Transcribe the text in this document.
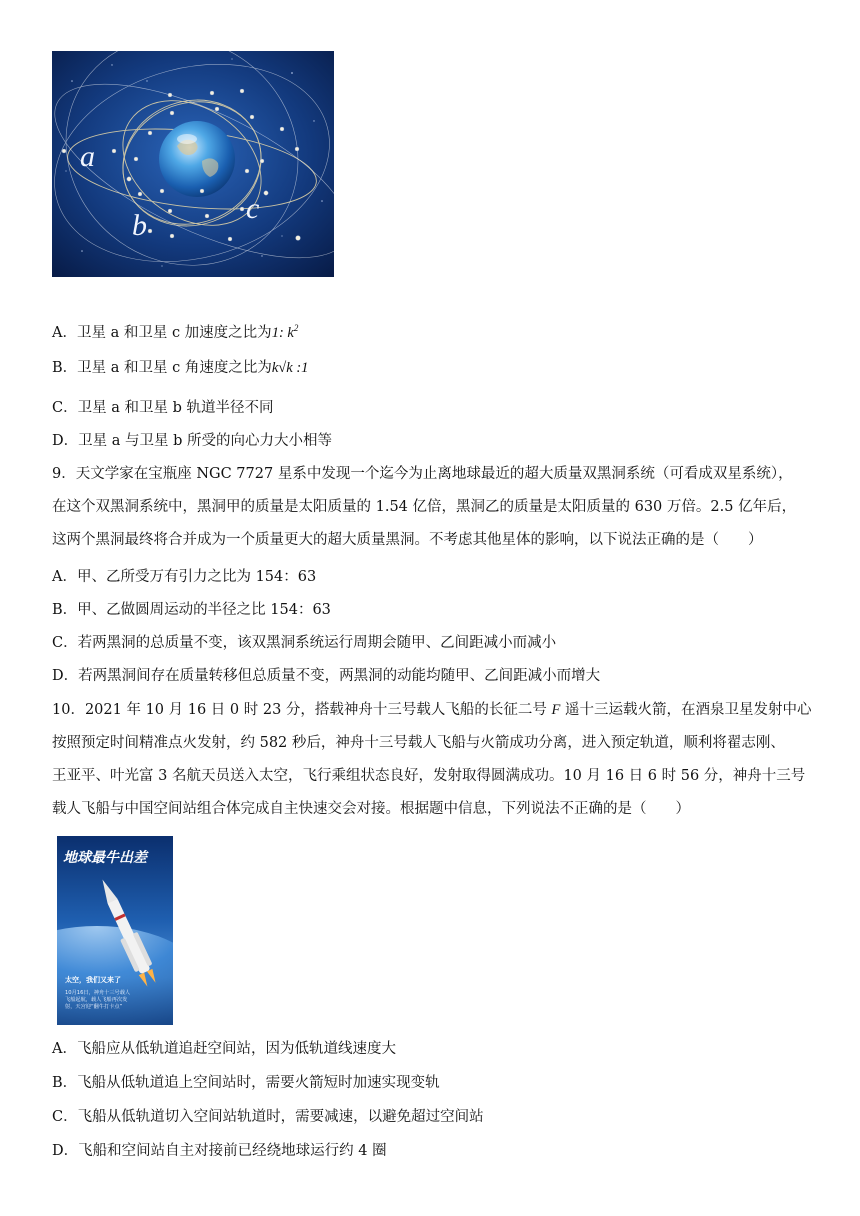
a
b
c
A．卫星 a 和卫星 c 加速度之比为1: $k^2$
B．卫星 a 和卫星 c 角速度之比为k√k :1
C．卫星 a 和卫星 b 轨道半径不同
D．卫星 a 与卫星 b 所受的向心力大小相等
9．天文学家在宝瓶座 NGC 7727 星系中发现一个迄今为止离地球最近的超大质量双黑洞系统（可看成双星系统），
在这个双黑洞系统中，黑洞甲的质量是太阳质量的 1.54 亿倍，黑洞乙的质量是太阳质量的 630 万倍。2.5 亿年后，
这两个黑洞最终将合并成为一个质量更大的超大质量黑洞。不考虑其他星体的影响，以下说法正确的是（　　）
A．甲、乙所受万有引力之比为 154：63
B．甲、乙做圆周运动的半径之比 154：63
C．若两黑洞的总质量不变，该双黑洞系统运行周期会随甲、乙间距减小而减小
D．若两黑洞间存在质量转移但总质量不变，两黑洞的动能均随甲、乙间距减小而增大
10．2021 年 10 月 16 日 0 时 23 分，搭载神舟十三号载人飞船的长征二号 F 遥十三运载火箭，在酒泉卫星发射中心
按照预定时间精准点火发射，约 582 秒后，神舟十三号载人飞船与火箭成功分离，进入预定轨道，顺利将翟志刚、
王亚平、叶光富 3 名航天员送入太空，飞行乘组状态良好，发射取得圆满成功。10 月 16 日 6 时 56 分，神舟十三号
载人飞船与中国空间站组合体完成自主快速交会对接。根据题中信息，下列说法不正确的是（　　）
地球最牛出差
太空，我们又来了
10月16日，神舟十三号载人
飞船起航，载人飞船再次发
射，天宫迎“翻牛打卡点”
A．飞船应从低轨道追赶空间站，因为低轨道线速度大
B．飞船从低轨道追上空间站时，需要火箭短时加速实现变轨
C．飞船从低轨道切入空间站轨道时，需要减速，以避免超过空间站
D．飞船和空间站自主对接前已经绕地球运行约 4 圈
